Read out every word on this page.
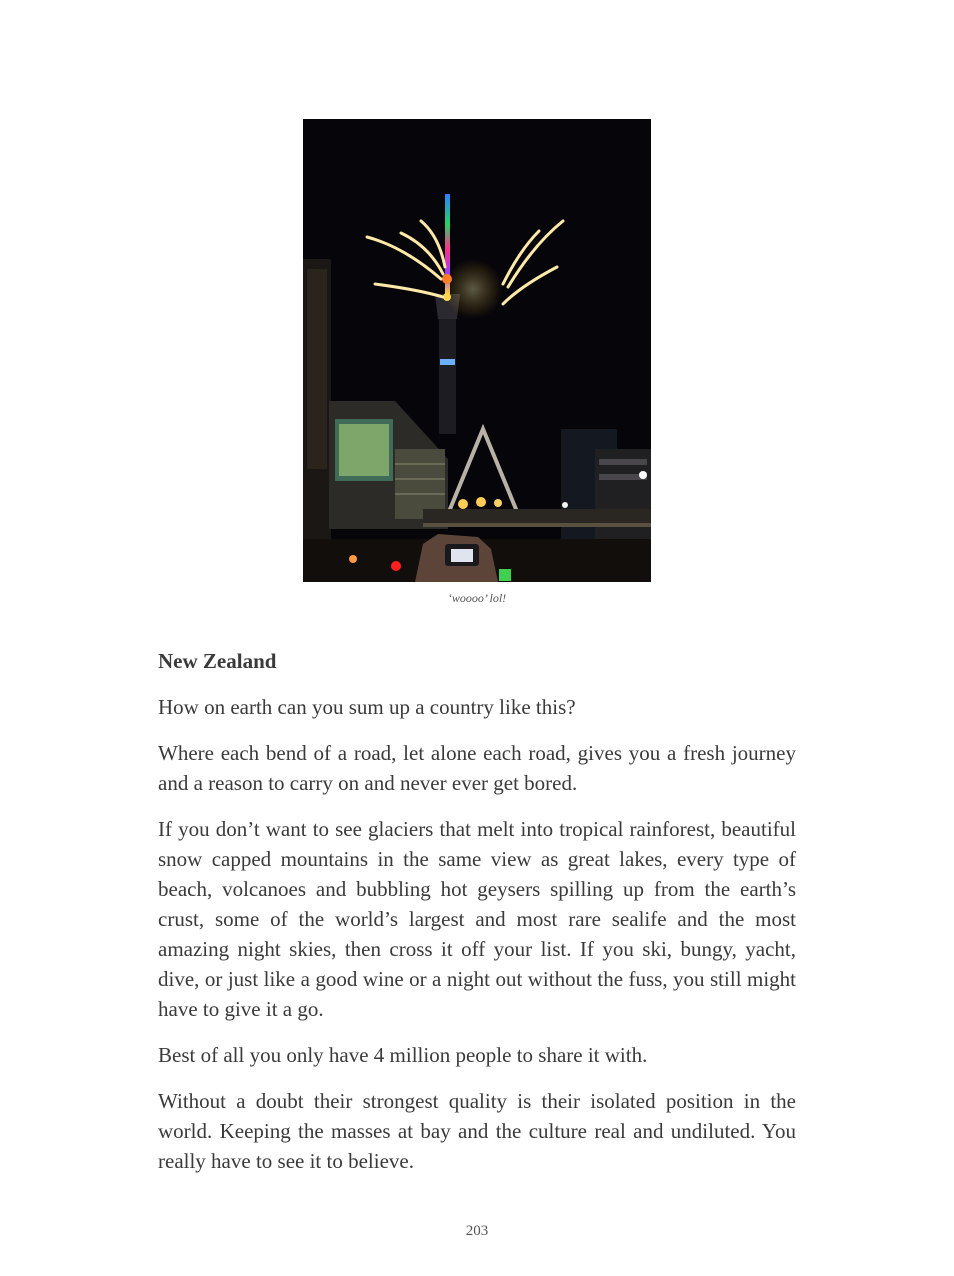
‘woooo’ lol!

New Zealand

How on earth can you sum up a country like this?

Where each bend of a road, let alone each road, gives you a fresh journey and a reason to carry on and never ever get bored.

If you don’t want to see glaciers that melt into tropical rainforest, beautiful snow capped mountains in the same view as great lakes, every type of beach, volcanoes and bubbling hot geysers spilling up from the earth’s crust, some of the world’s largest and most rare sealife and the most amazing night skies, then cross it off your list. If you ski, bungy, yacht, dive, or just like a good wine or a night out without the fuss, you still might have to give it a go.

Best of all you only have 4 million people to share it with.

Without a doubt their strongest quality is their isolated position in the world. Keeping the masses at bay and the culture real and undiluted. You really have to see it to believe.

203
